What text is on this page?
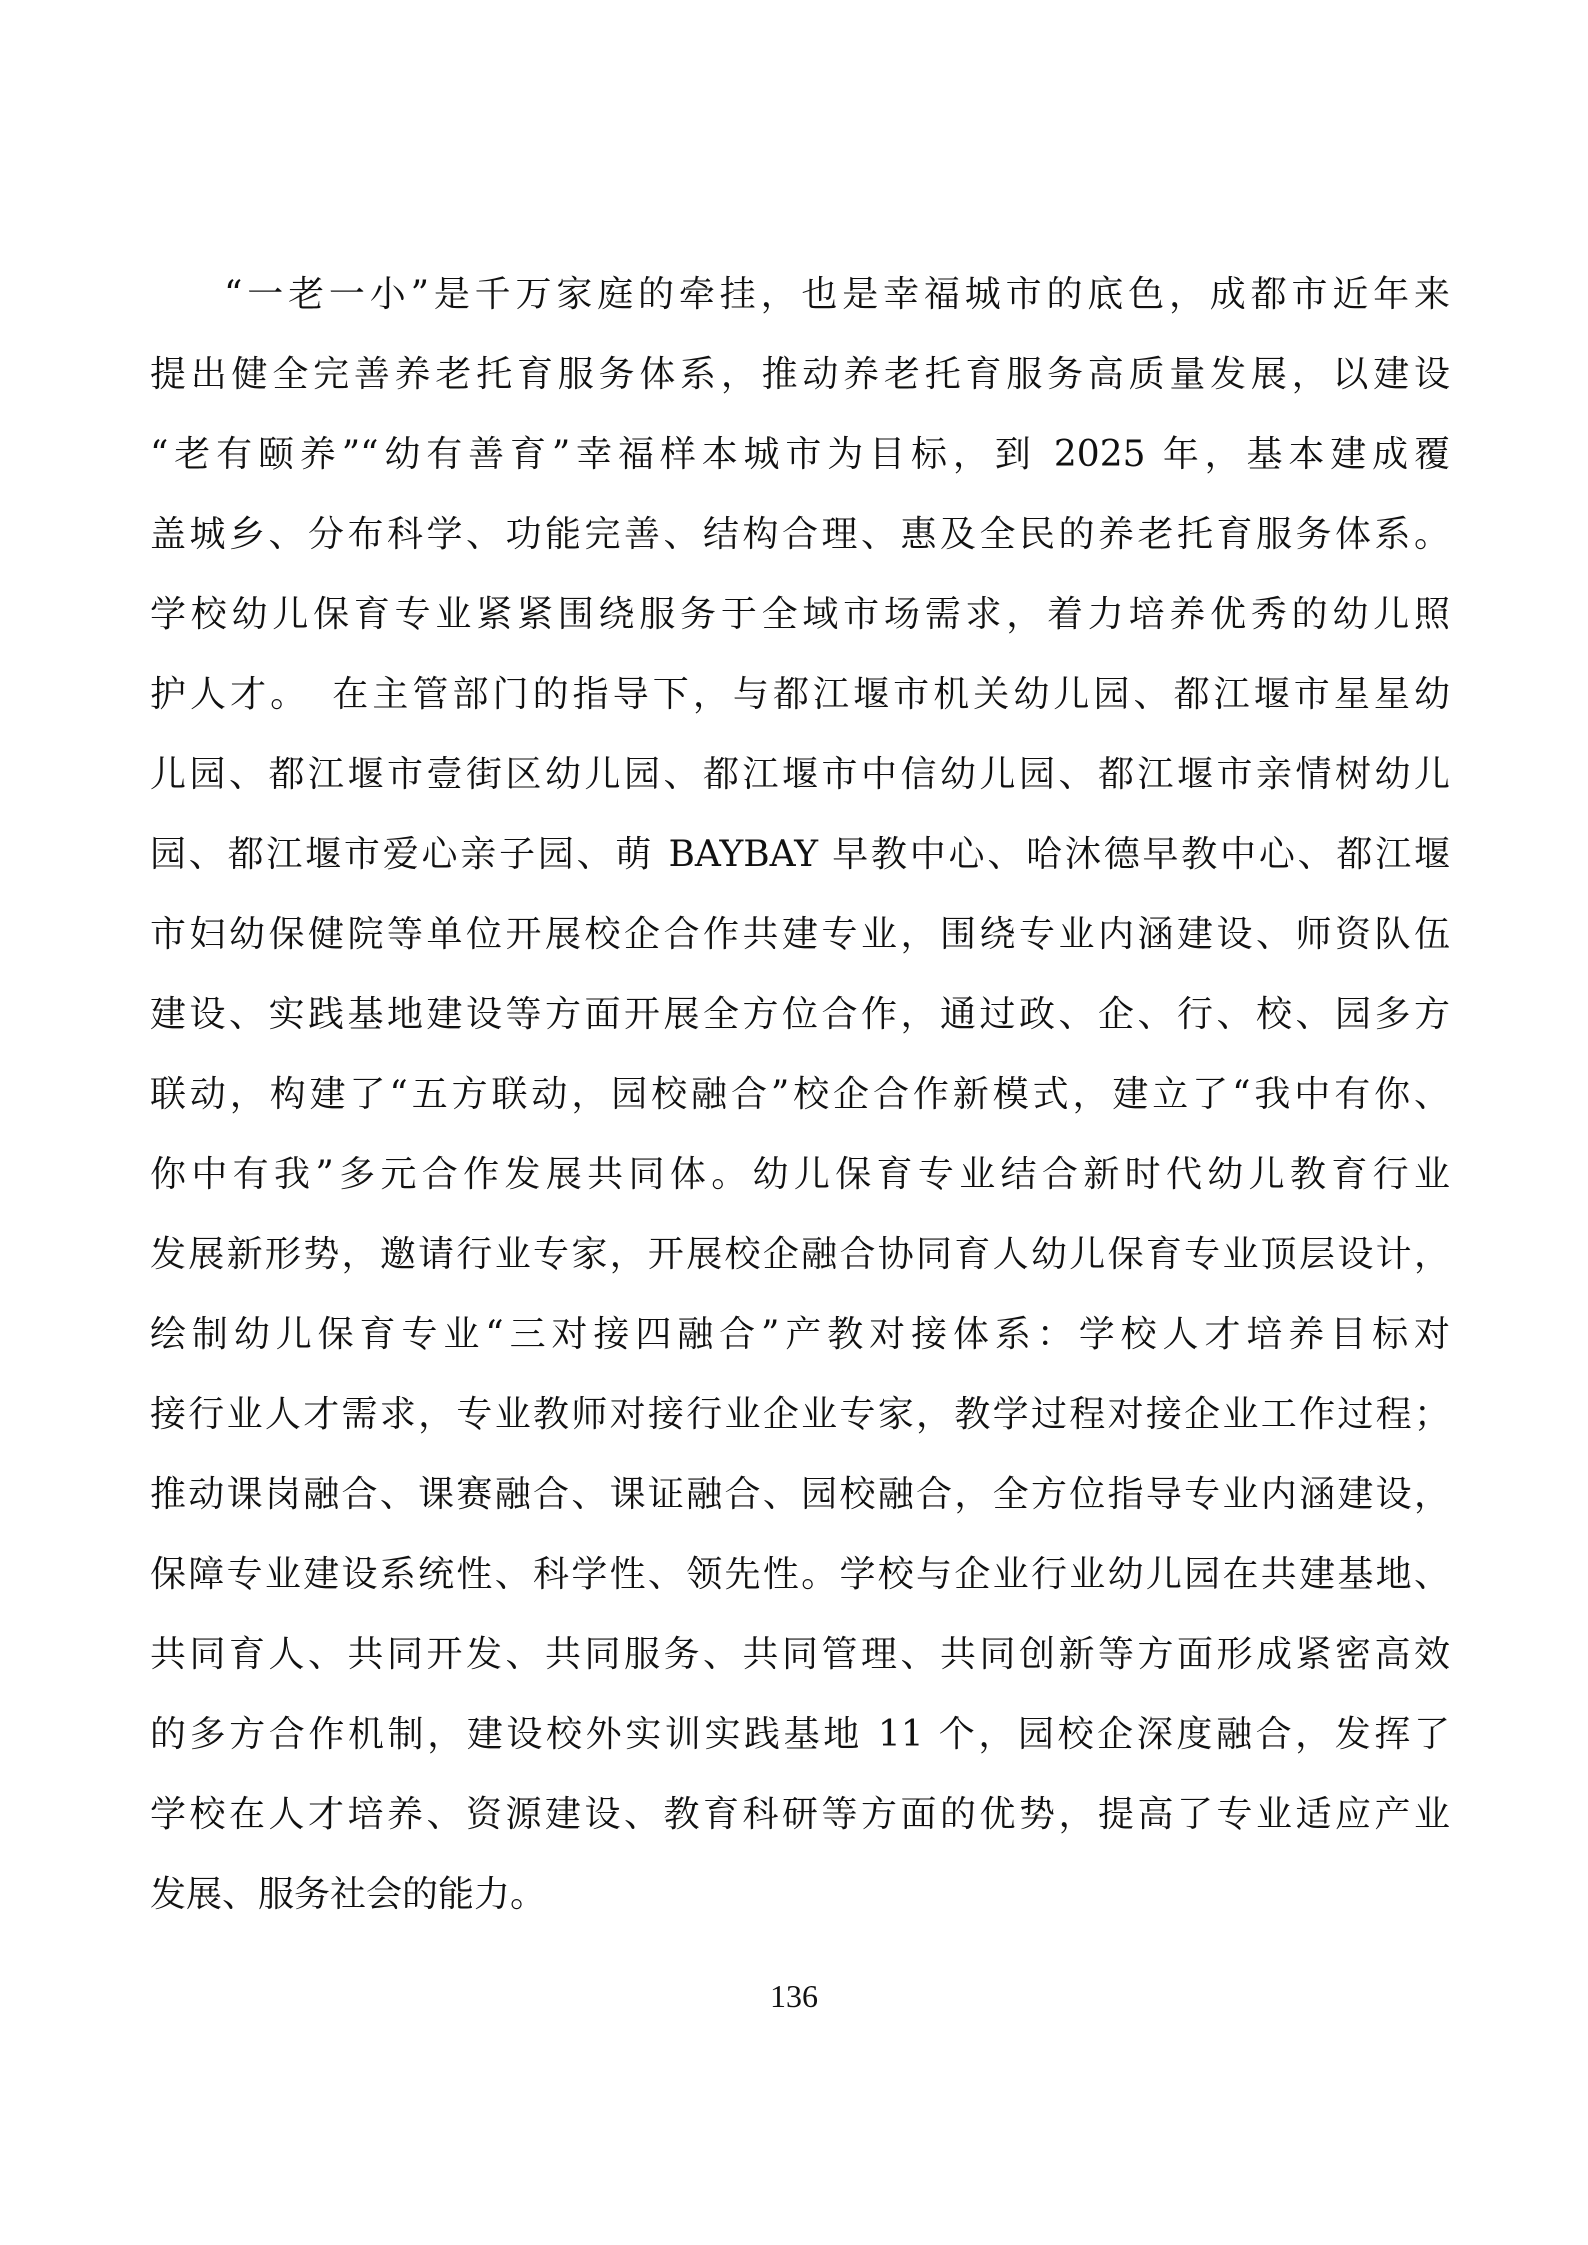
“一老一小”是千万家庭的牵挂，也是幸福城市的底色，成都市近年来
提出健全完善养老托育服务体系，推动养老托育服务高质量发展，以建设
“老有颐养”“幼有善育”幸福样本城市为目标，到 2025 年，基本建成覆
盖城乡、分布科学、功能完善、结构合理、惠及全民的养老托育服务体系。
学校幼儿保育专业紧紧围绕服务于全域市场需求，着力培养优秀的幼儿照
护人才。　在主管部门的指导下，与都江堰市机关幼儿园、都江堰市星星幼
儿园、都江堰市壹街区幼儿园、都江堰市中信幼儿园、都江堰市亲情树幼儿
园、都江堰市爱心亲子园、萌 BAYBAY 早教中心、哈沐德早教中心、都江堰
市妇幼保健院等单位开展校企合作共建专业，围绕专业内涵建设、师资队伍
建设、实践基地建设等方面开展全方位合作，通过政、企、行、校、园多方
联动，构建了“五方联动，园校融合”校企合作新模式，建立了“我中有你、
你中有我”多元合作发展共同体。幼儿保育专业结合新时代幼儿教育行业
发展新形势，邀请行业专家，开展校企融合协同育人幼儿保育专业顶层设计，
绘制幼儿保育专业“三对接四融合”产教对接体系：学校人才培养目标对
接行业人才需求，专业教师对接行业企业专家，教学过程对接企业工作过程；
推动课岗融合、课赛融合、课证融合、园校融合，全方位指导专业内涵建设，
保障专业建设系统性、科学性、领先性。学校与企业行业幼儿园在共建基地、
共同育人、共同开发、共同服务、共同管理、共同创新等方面形成紧密高效
的多方合作机制，建设校外实训实践基地 11 个，园校企深度融合，发挥了
学校在人才培养、资源建设、教育科研等方面的优势，提高了专业适应产业
发展、服务社会的能力。
136
